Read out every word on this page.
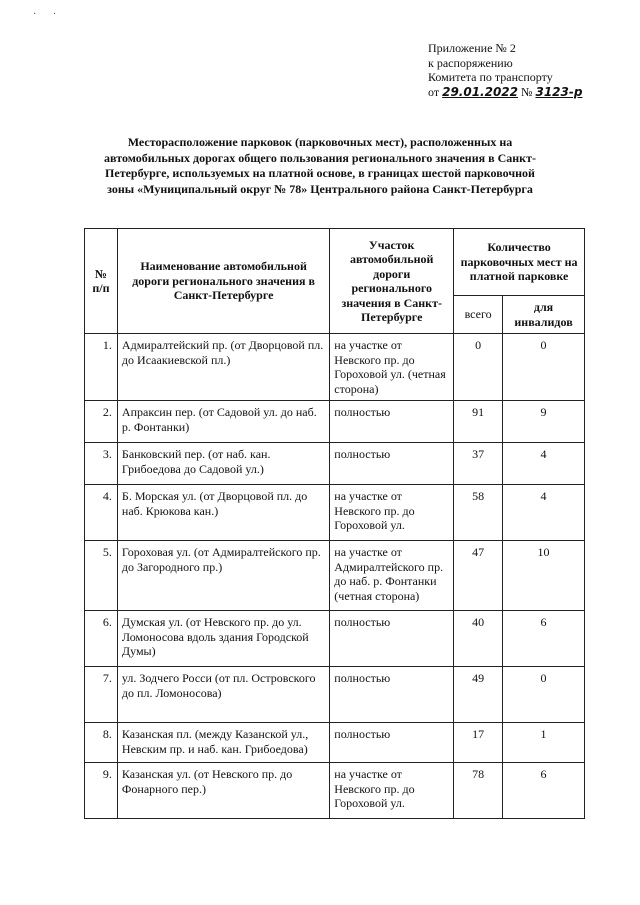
· ·
Приложение № 2
к распоряжению
Комитета по транспорту
от 29.01.2022 № 3123-р
Месторасположение парковок (парковочных мест), расположенных на автомобильных дорогах общего пользования регионального значения в Санкт-Петербурге, используемых на платной основе, в границах шестой парковочной зоны «Муниципальный округ № 78» Центрального района Санкт-Петербурга
№ п/п	Наименование автомобильной дороги регионального значения в Санкт-Петербурге	Участок автомобильной дороги регионального значения в Санкт-Петербурге	Количество парковочных мест на платной парковке	
			всего	для инвалидов
1.	Адмиралтейский пр. (от Дворцовой пл. до Исаакиевской пл.)	на участке от Невского пр. до Гороховой ул. (четная сторона)	0	0
2.	Апраксин пер. (от Садовой ул. до наб. р. Фонтанки)	полностью	91	9
3.	Банковский пер. (от наб. кан. Грибоедова до Садовой ул.)	полностью	37	4
4.	Б. Морская ул. (от Дворцовой пл. до наб. Крюкова кан.)	на участке от Невского пр. до Гороховой ул.	58	4
5.	Гороховая ул. (от Адмиралтейского пр. до Загородного пр.)	на участке от Адмиралтейского пр. до наб. р. Фонтанки (четная сторона)	47	10
6.	Думская ул. (от Невского пр. до ул. Ломоносова вдоль здания Городской Думы)	полностью	40	6
7.	ул. Зодчего Росси (от пл. Островского до пл. Ломоносова)	полностью	49	0
8.	Казанская пл. (между Казанской ул., Невским пр. и наб. кан. Грибоедова)	полностью	17	1
9.	Казанская ул. (от Невского пр. до Фонарного пер.)	на участке от Невского пр. до Гороховой ул.	78	6
